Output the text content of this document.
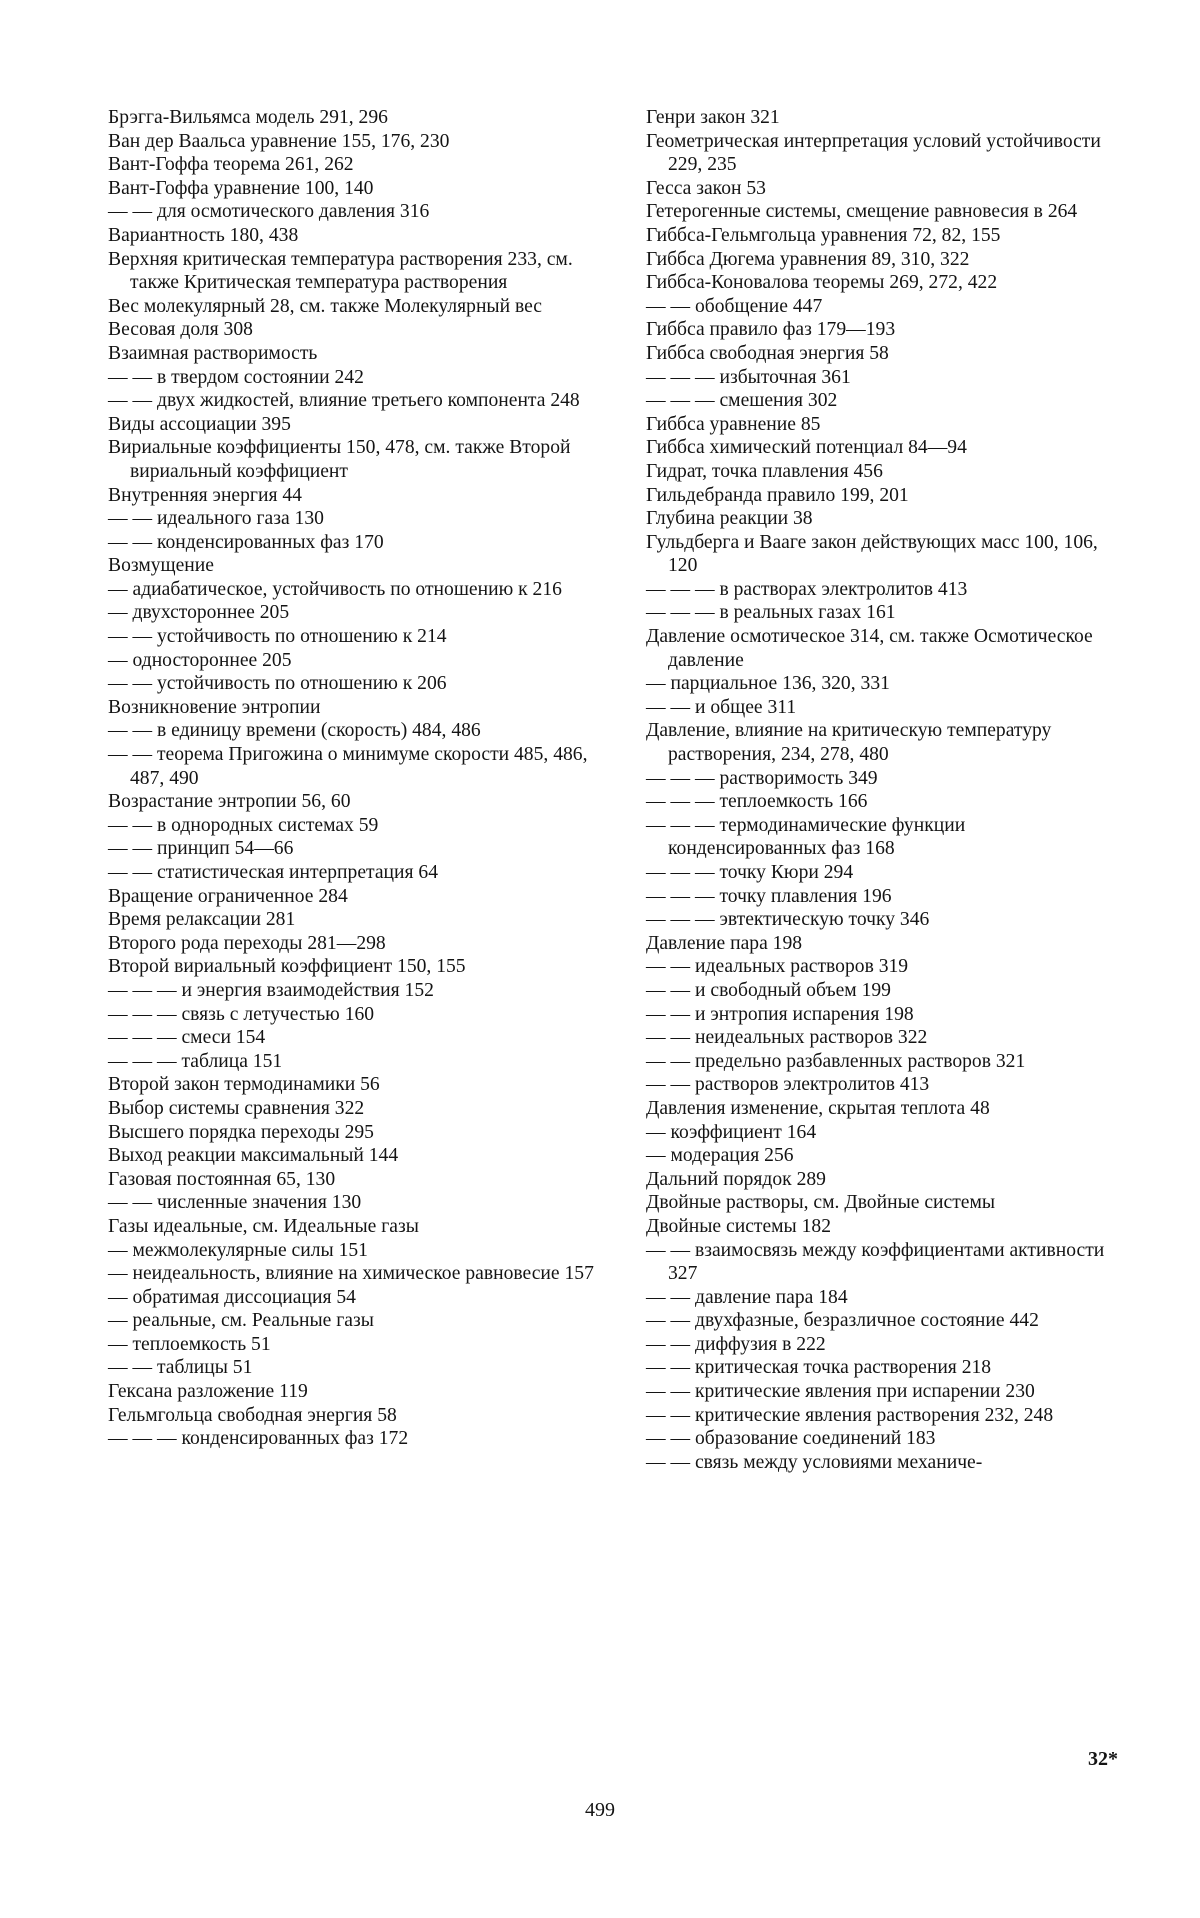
Брэгга-Вильямса модель 291, 296
Ван дер Ваальса уравнение 155, 176, 230
Вант-Гоффа теорема 261, 262
Вант-Гоффа уравнение 100, 140
— — для осмотического давления 316
Вариантность 180, 438
Верхняя критическая температура растворения 233, см. также Критическая температура растворения
Вес молекулярный 28, см. также Молекулярный вес
Весовая доля 308
Взаимная растворимость
— — в твердом состоянии 242
— — двух жидкостей, влияние третьего компонента 248
Виды ассоциации 395
Вириальные коэффициенты 150, 478, см. также Второй вириальный коэффициент
Внутренняя энергия 44
— — идеального газа 130
— — конденсированных фаз 170
Возмущение
— адиабатическое, устойчивость по отношению к 216
— двухстороннее 205
— — устойчивость по отношению к 214
— одностороннее 205
— — устойчивость по отношению к 206
Возникновение энтропии
— — в единицу времени (скорость) 484, 486
— — теорема Пригожина о минимуме скорости 485, 486, 487, 490
Возрастание энтропии 56, 60
— — в однородных системах 59
— — принцип 54—66
— — статистическая интерпретация 64
Вращение ограниченное 284
Время релаксации 281
Второго рода переходы 281—298
Второй вириальный коэффициент 150, 155
— — — и энергия взаимодействия 152
— — — связь с летучестью 160
— — — смеси 154
— — — таблица 151
Второй закон термодинамики 56
Выбор системы сравнения 322
Высшего порядка переходы 295
Выход реакции максимальный 144
Газовая постоянная 65, 130
— — численные значения 130
Газы идеальные, см. Идеальные газы
— межмолекулярные силы 151
— неидеальность, влияние на химическое равновесие 157
— обратимая диссоциация 54
— реальные, см. Реальные газы
— теплоемкость 51
— — таблицы 51
Гексана разложение 119
Гельмгольца свободная энергия 58
— — — конденсированных фаз 172
Генри закон 321
Геометрическая интерпретация условий устойчивости 229, 235
Гесса закон 53
Гетерогенные системы, смещение равновесия в 264
Гиббса-Гельмгольца уравнения 72, 82, 155
Гиббса Дюгема уравнения 89, 310, 322
Гиббса-Коновалова теоремы 269, 272, 422
— — обобщение 447
Гиббса правило фаз 179—193
Гиббса свободная энергия 58
— — — избыточная 361
— — — смешения 302
Гиббса уравнение 85
Гиббса химический потенциал 84—94
Гидрат, точка плавления 456
Гильдебранда правило 199, 201
Глубина реакции 38
Гульдберга и Вааге закон действующих масс 100, 106, 120
— — — в растворах электролитов 413
— — — в реальных газах 161
Давление осмотическое 314, см. также Осмотическое давление
— парциальное 136, 320, 331
— — и общее 311
Давление, влияние на критическую температуру растворения, 234, 278, 480
— — — растворимость 349
— — — теплоемкость 166
— — — термодинамические функции конденсированных фаз 168
— — — точку Кюри 294
— — — точку плавления 196
— — — эвтектическую точку 346
Давление пара 198
— — идеальных растворов 319
— — и свободный объем 199
— — и энтропия испарения 198
— — неидеальных растворов 322
— — предельно разбавленных растворов 321
— — растворов электролитов 413
Давления изменение, скрытая теплота 48
— коэффициент 164
— модерация 256
Дальний порядок 289
Двойные растворы, см. Двойные системы
Двойные системы 182
— — взаимосвязь между коэффициентами активности 327
— — давление пара 184
— — двухфазные, безразличное состояние 442
— — диффузия в 222
— — критическая точка растворения 218
— — критические явления при испарении 230
— — критические явления растворения 232, 248
— — образование соединений 183
— — связь между условиями механиче-
32*
499
